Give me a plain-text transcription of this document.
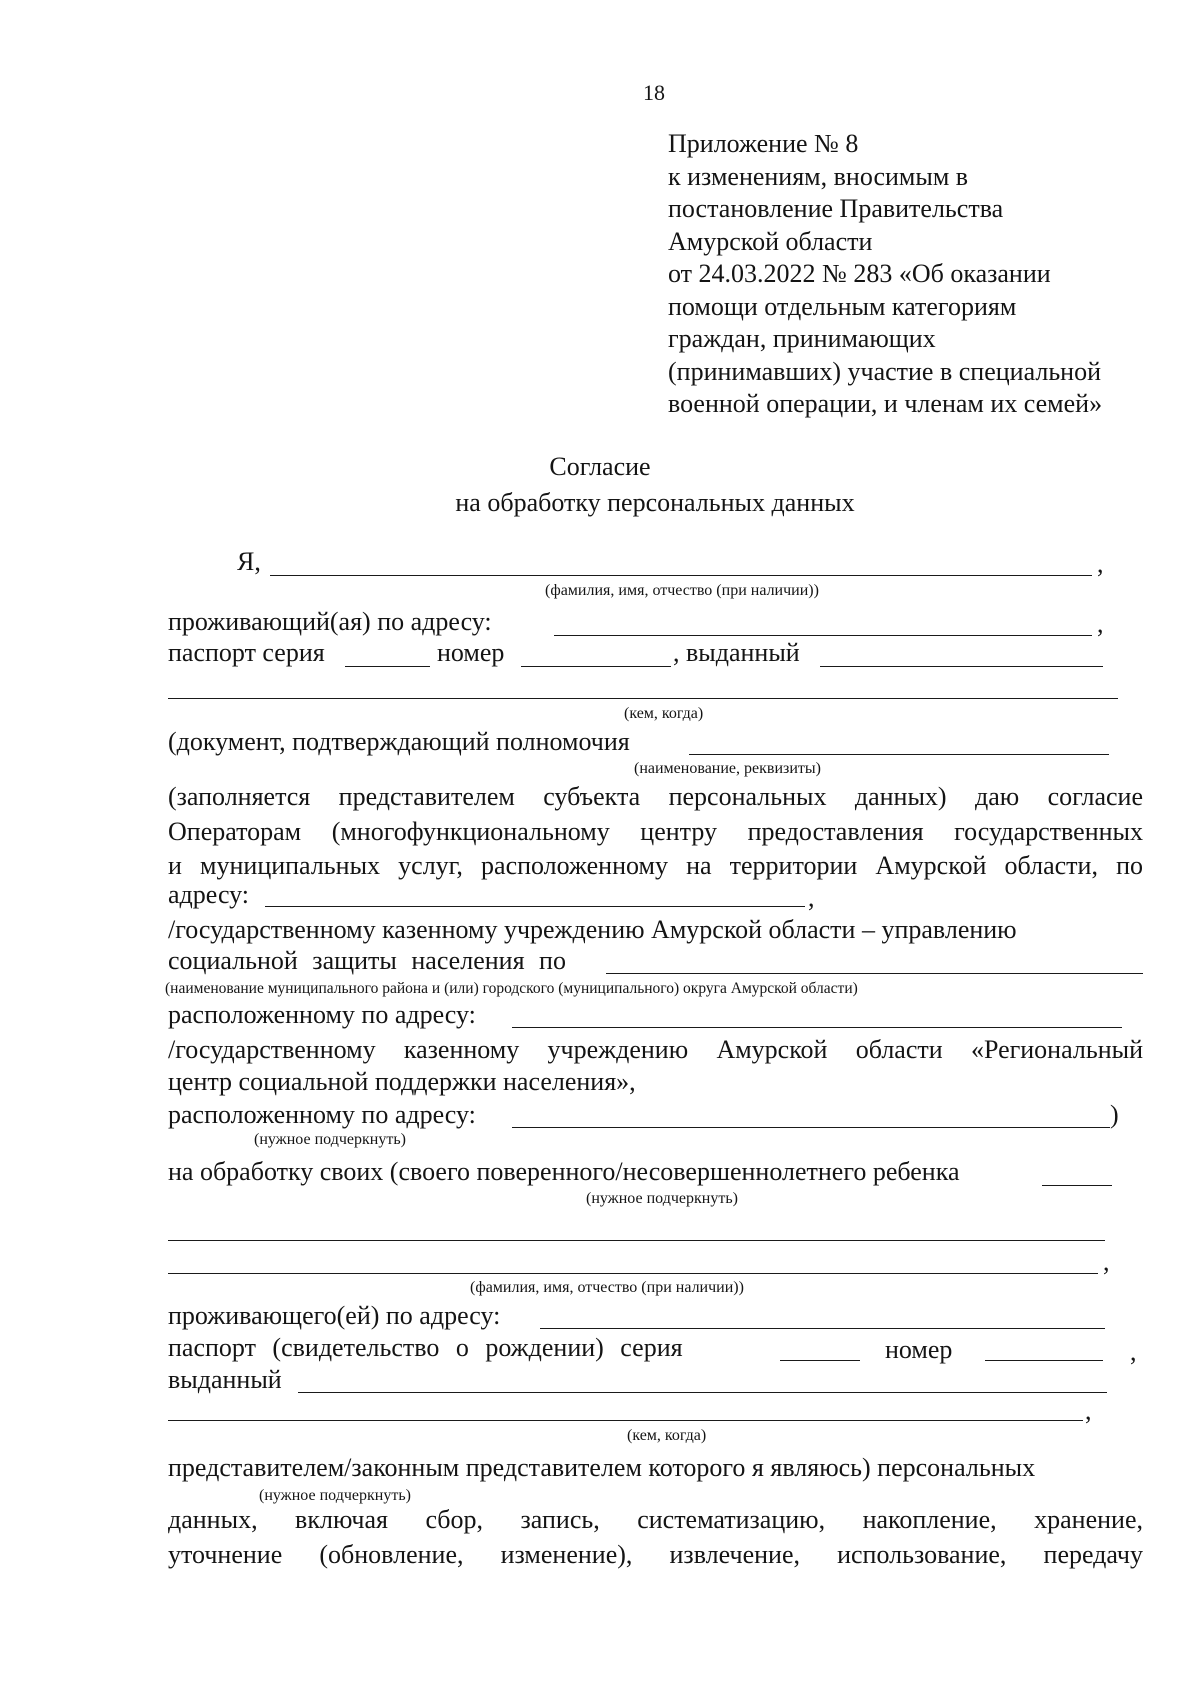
18
Приложение № 8
к изменениям, вносимым в
постановление Правительства
Амурской области
от 24.03.2022 № 283 «Об оказании
помощи отдельным категориям
граждан, принимающих
(принимавших) участие в специальной
военной операции, и членам их семей»
Согласие
на обработку персональных данных
Я,	,
(фамилия, имя, отчество (при наличии))
проживающий(ая) по адресу:	,
паспорт серия	номер	, выданный
(кем, когда)
(документ, подтверждающий полномочия
(наименование, реквизиты)
(заполняется представителем субъекта персональных данных) даю согласие
Операторам (многофункциональному центру предоставления государственных
и муниципальных услуг, расположенному на территории Амурской области, по
адресу:	,
/государственному казенному учреждению Амурской области – управлению
социальной защиты населения по
(наименование муниципального района и (или) городского (муниципального) округа Амурской области)
расположенному по адресу:
/государственному казенному учреждению Амурской области «Региональный
центр социальной поддержки населения»,
расположенному по адресу:	)
(нужное подчеркнуть)
на обработку своих (своего поверенного/несовершеннолетнего ребенка
(нужное подчеркнуть)
,
(фамилия, имя, отчество (при наличии))
проживающего(ей) по адресу:
паспорт (свидетельство о рождении) серия	номер	,
выданный
,
(кем, когда)
представителем/законным представителем которого я являюсь) персональных
(нужное подчеркнуть)
данных, включая сбор, запись, систематизацию, накопление, хранение,
уточнение (обновление, изменение), извлечение, использование, передачу
